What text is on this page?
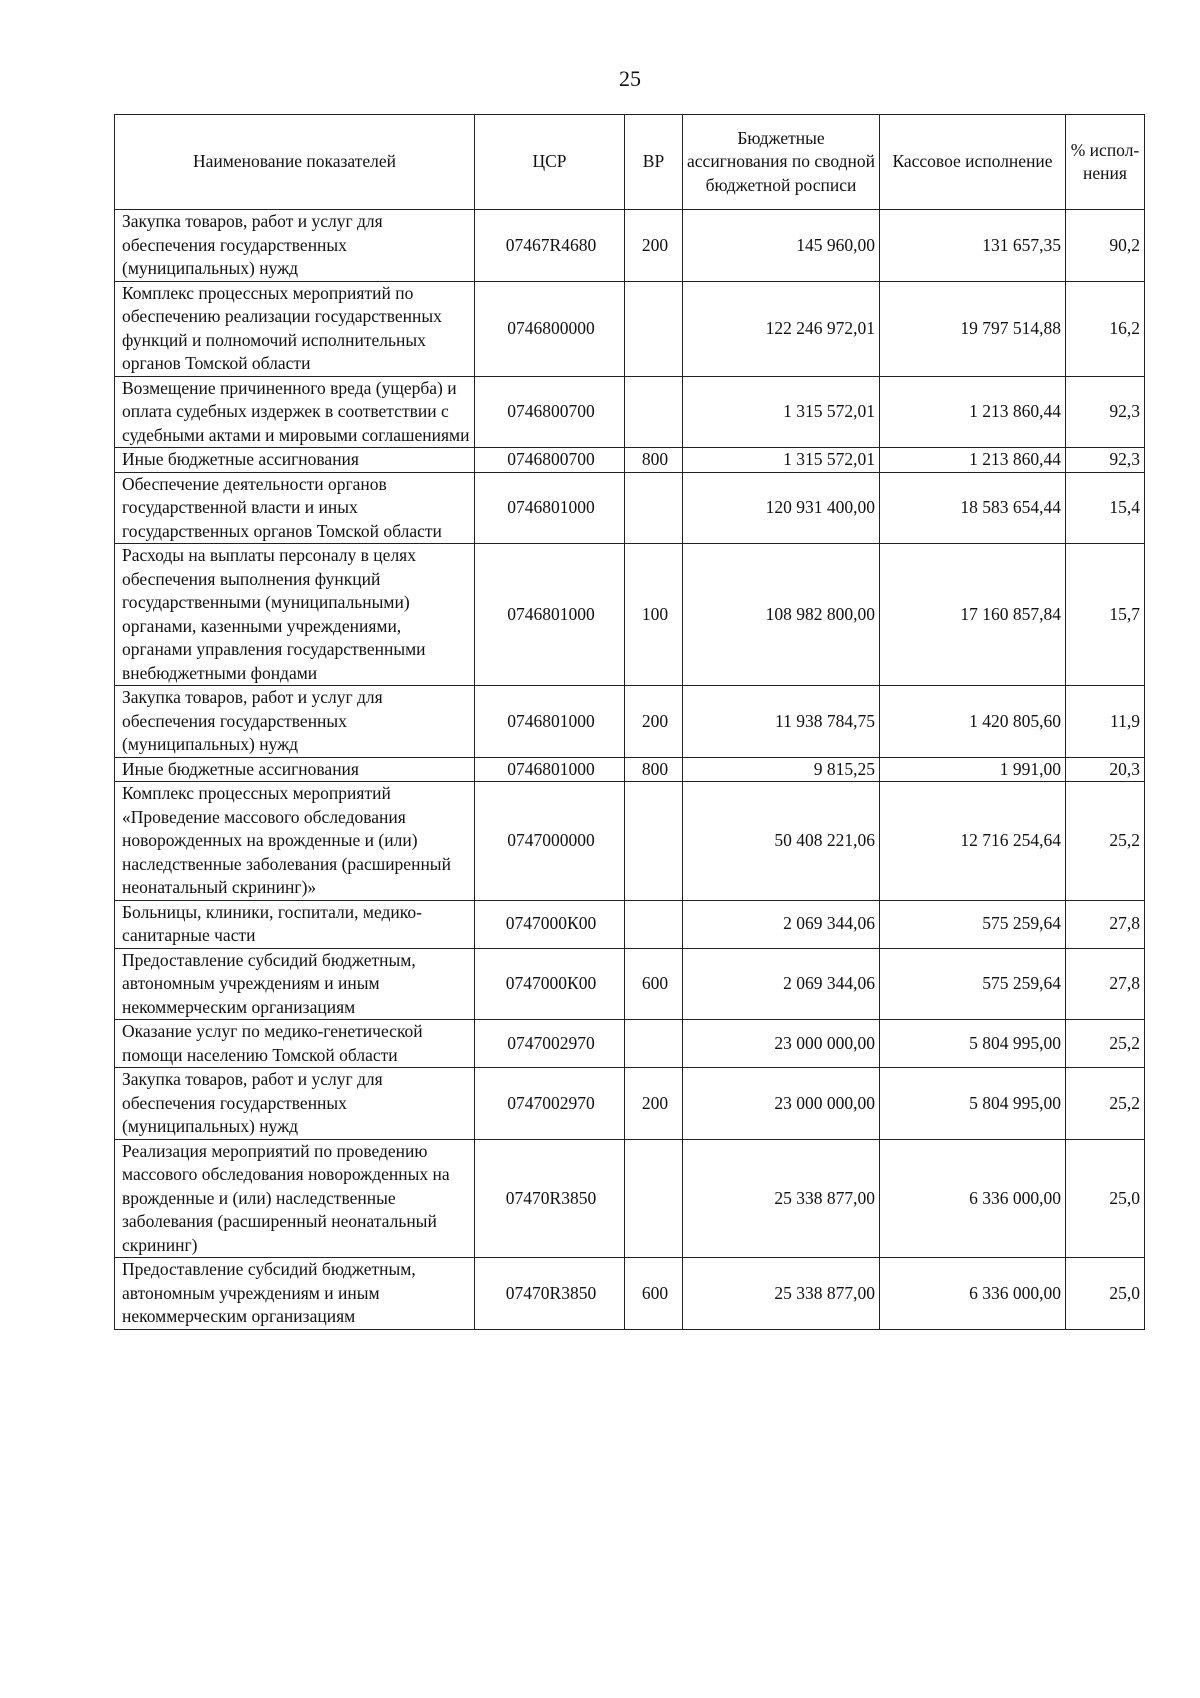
25
Наименование показателей	ЦСР	ВР	Бюджетные ассигнования по сводной бюджетной росписи	Кассовое исполнение	% испол-нения
Закупка товаров, работ и услуг для обеспечения государственных (муниципальных) нужд	07467R4680	200	145 960,00	131 657,35	90,2
Комплекс процессных мероприятий по обеспечению реализации государственных функций и полномочий исполнительных органов Томской области	0746800000		122 246 972,01	19 797 514,88	16,2
Возмещение причиненного вреда (ущерба) и оплата судебных издержек в соответствии с судебными актами и мировыми соглашениями	0746800700		1 315 572,01	1 213 860,44	92,3
Иные бюджетные ассигнования	0746800700	800	1 315 572,01	1 213 860,44	92,3
Обеспечение деятельности органов государственной власти и иных государственных органов Томской области	0746801000		120 931 400,00	18 583 654,44	15,4
Расходы на выплаты персоналу в целях обеспечения выполнения функций государственными (муниципальными) органами, казенными учреждениями, органами управления государственными внебюджетными фондами	0746801000	100	108 982 800,00	17 160 857,84	15,7
Закупка товаров, работ и услуг для обеспечения государственных (муниципальных) нужд	0746801000	200	11 938 784,75	1 420 805,60	11,9
Иные бюджетные ассигнования	0746801000	800	9 815,25	1 991,00	20,3
Комплекс процессных мероприятий «Проведение массового обследования новорожденных на врожденные и (или) наследственные заболевания (расширенный неонатальный скрининг)»	0747000000		50 408 221,06	12 716 254,64	25,2
Больницы, клиники, госпитали, медико-санитарные части	0747000К00		2 069 344,06	575 259,64	27,8
Предоставление субсидий бюджетным, автономным учреждениям и иным некоммерческим организациям	0747000К00	600	2 069 344,06	575 259,64	27,8
Оказание услуг по медико-генетической помощи населению Томской области	0747002970		23 000 000,00	5 804 995,00	25,2
Закупка товаров, работ и услуг для обеспечения государственных (муниципальных) нужд	0747002970	200	23 000 000,00	5 804 995,00	25,2
Реализация мероприятий по проведению массового обследования новорожденных на врожденные и (или) наследственные заболевания (расширенный неонатальный скрининг)	07470R3850		25 338 877,00	6 336 000,00	25,0
Предоставление субсидий бюджетным, автономным учреждениям и иным некоммерческим организациям	07470R3850	600	25 338 877,00	6 336 000,00	25,0
